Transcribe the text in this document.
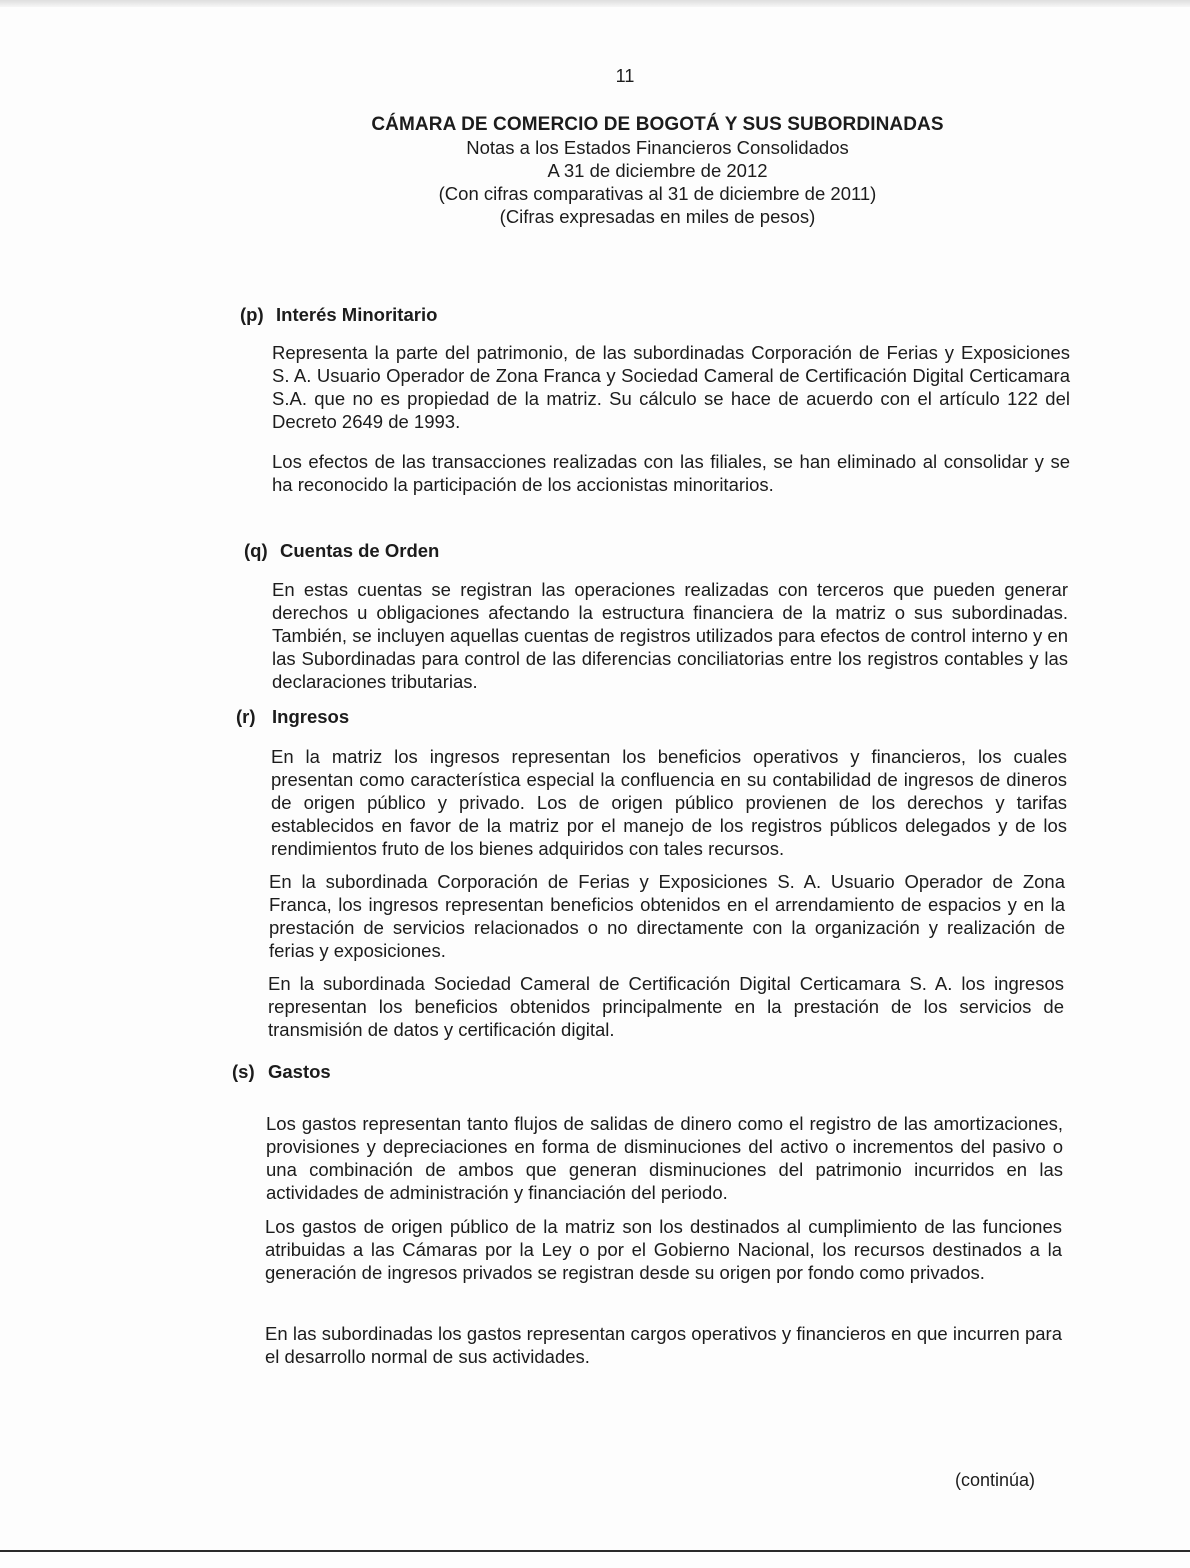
11
CÁMARA DE COMERCIO DE BOGOTÁ Y SUS SUBORDINADAS
Notas a los Estados Financieros Consolidados
A 31 de diciembre de 2012
(Con cifras comparativas al 31 de diciembre de 2011)
(Cifras expresadas en miles de pesos)
(p) Interés Minoritario

Representa la parte del patrimonio, de las subordinadas Corporación de Ferias y Exposiciones S. A. Usuario Operador de Zona Franca y Sociedad Cameral de Certificación Digital Certicamara S.A. que no es propiedad de la matriz. Su cálculo se hace de acuerdo con el artículo 122 del Decreto 2649 de 1993.

Los efectos de las transacciones realizadas con las filiales, se han eliminado al consolidar y se ha reconocido la participación de los accionistas minoritarios.

(q) Cuentas de Orden

En estas cuentas se registran las operaciones realizadas con terceros que pueden generar derechos u obligaciones afectando la estructura financiera de la matriz o sus subordinadas. También, se incluyen aquellas cuentas de registros utilizados para efectos de control interno y en las Subordinadas para control de las diferencias conciliatorias entre los registros contables y las declaraciones tributarias.

(r) Ingresos

En la matriz los ingresos representan los beneficios operativos y financieros, los cuales presentan como característica especial la confluencia en su contabilidad de ingresos de dineros de origen público y privado. Los de origen público provienen de los derechos y tarifas establecidos en favor de la matriz por el manejo de los registros públicos delegados y de los rendimientos fruto de los bienes adquiridos con tales recursos.

En la subordinada Corporación de Ferias y Exposiciones S. A. Usuario Operador de Zona Franca, los ingresos representan beneficios obtenidos en el arrendamiento de espacios y en la prestación de servicios relacionados o no directamente con la organización y realización de ferias y exposiciones.

En la subordinada Sociedad Cameral de Certificación Digital Certicamara S. A. los ingresos representan los beneficios obtenidos principalmente en la prestación de los servicios de transmisión de datos y certificación digital.

(s) Gastos

Los gastos representan tanto flujos de salidas de dinero como el registro de las amortizaciones, provisiones y depreciaciones en forma de disminuciones del activo o incrementos del pasivo o una combinación de ambos que generan disminuciones del patrimonio incurridos en las actividades de administración y financiación del periodo.

Los gastos de origen público de la matriz son los destinados al cumplimiento de las funciones atribuidas a las Cámaras por la Ley o por el Gobierno Nacional, los recursos destinados a la generación de ingresos privados se registran desde su origen por fondo como privados.

En las subordinadas los gastos representan cargos operativos y financieros en que incurren para el desarrollo normal de sus actividades.

(continúa)
